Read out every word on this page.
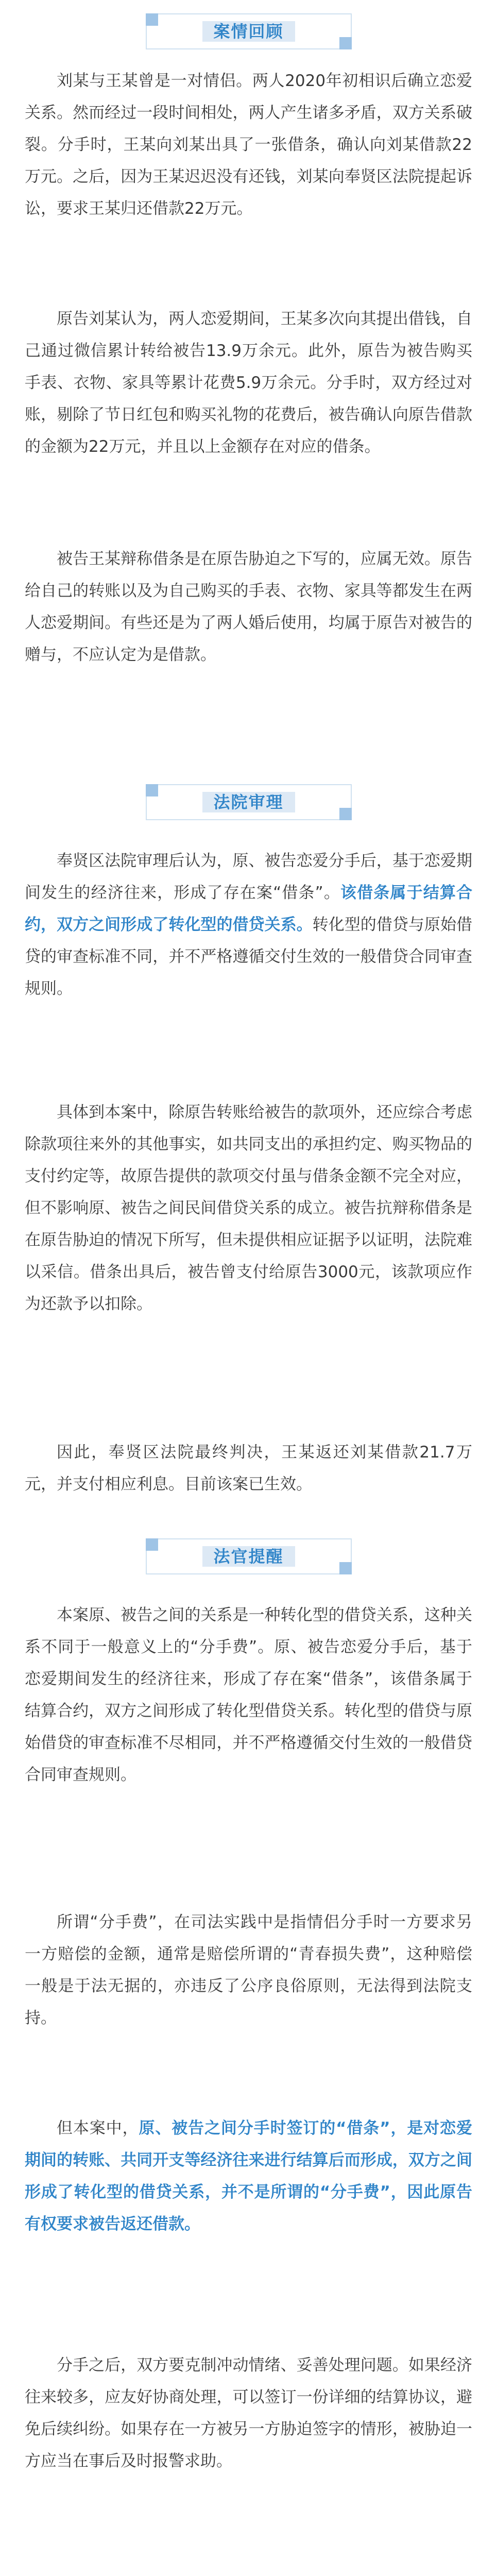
案情回顾

刘某与王某曾是一对情侣。两人2020年初相识后确立恋爱关系。然而经过一段时间相处，两人产生诸多矛盾，双方关系破裂。分手时，王某向刘某出具了一张借条，确认向刘某借款22万元。之后，因为王某迟迟没有还钱，刘某向奉贤区法院提起诉讼，要求王某归还借款22万元。

原告刘某认为，两人恋爱期间，王某多次向其提出借钱，自己通过微信累计转给被告13.9万余元。此外，原告为被告购买手表、衣物、家具等累计花费5.9万余元。分手时，双方经过对账，剔除了节日红包和购买礼物的花费后，被告确认向原告借款的金额为22万元，并且以上金额存在对应的借条。

被告王某辩称借条是在原告胁迫之下写的，应属无效。原告给自己的转账以及为自己购买的手表、衣物、家具等都发生在两人恋爱期间。有些还是为了两人婚后使用，均属于原告对被告的赠与，不应认定为是借款。

法院审理

奉贤区法院审理后认为，原、被告恋爱分手后，基于恋爱期间发生的经济往来，形成了存在案“借条”。该借条属于结算合约，双方之间形成了转化型的借贷关系。转化型的借贷与原始借贷的审查标准不同，并不严格遵循交付生效的一般借贷合同审查规则。

具体到本案中，除原告转账给被告的款项外，还应综合考虑除款项往来外的其他事实，如共同支出的承担约定、购买物品的支付约定等，故原告提供的款项交付虽与借条金额不完全对应，但不影响原、被告之间民间借贷关系的成立。被告抗辩称借条是在原告胁迫的情况下所写，但未提供相应证据予以证明，法院难以采信。借条出具后，被告曾支付给原告3000元，该款项应作为还款予以扣除。

因此，奉贤区法院最终判决，王某返还刘某借款21.7万元，并支付相应利息。目前该案已生效。

法官提醒

本案原、被告之间的关系是一种转化型的借贷关系，这种关系不同于一般意义上的“分手费”。原、被告恋爱分手后，基于恋爱期间发生的经济往来，形成了存在案“借条”，该借条属于结算合约，双方之间形成了转化型借贷关系。转化型的借贷与原始借贷的审查标准不尽相同，并不严格遵循交付生效的一般借贷合同审查规则。

所谓“分手费”，在司法实践中是指情侣分手时一方要求另一方赔偿的金额，通常是赔偿所谓的“青春损失费”，这种赔偿一般是于法无据的，亦违反了公序良俗原则，无法得到法院支持。

但本案中，原、被告之间分手时签订的“借条”，是对恋爱期间的转账、共同开支等经济往来进行结算后而形成，双方之间形成了转化型的借贷关系，并不是所谓的“分手费”，因此原告有权要求被告返还借款。

分手之后，双方要克制冲动情绪、妥善处理问题。如果经济往来较多，应友好协商处理，可以签订一份详细的结算协议，避免后续纠纷。如果存在一方被另一方胁迫签字的情形，被胁迫一方应当在事后及时报警求助。
